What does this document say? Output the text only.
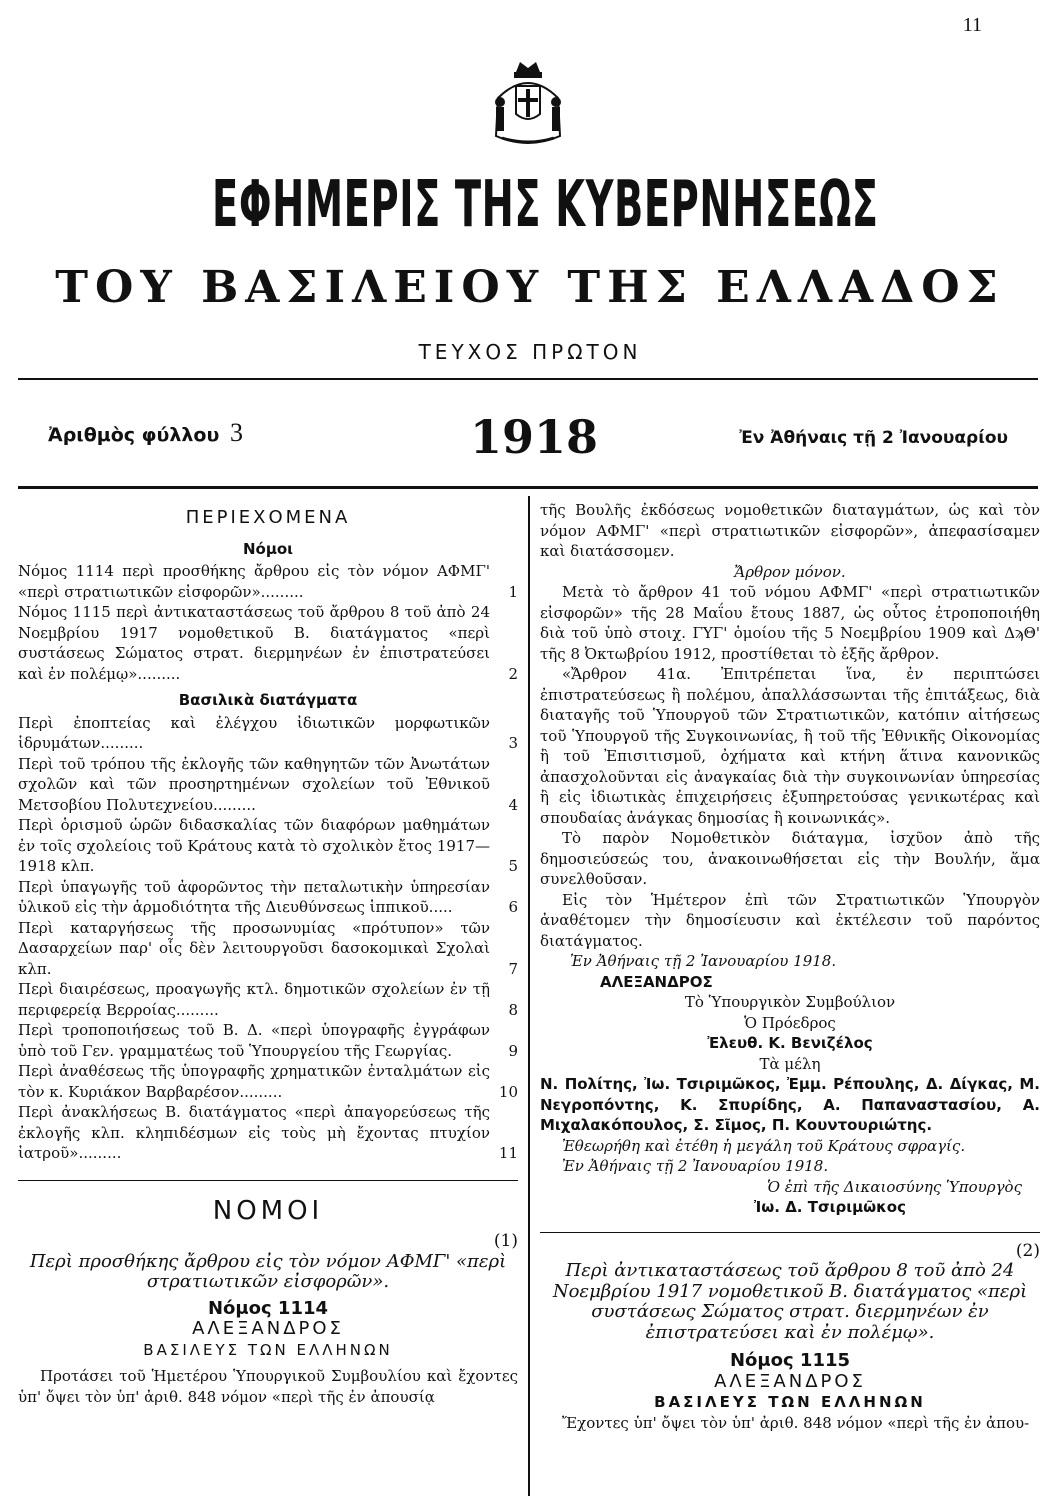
11
ΕΦΗΜΕΡΙΣ ΤΗΣ ΚΥΒΕΡΝΗΣΕΩΣ
ΤΟΥ ΒΑΣΙΛΕΙΟΥ ΤΗΣ ΕΛΛΑΔΟΣ
ΤΕΥΧΟΣ ΠΡΩΤΟΝ
Ἀριθμὸς φύλλου 3	1918	Ἐν Ἀθήναις τῇ 2 Ἰανουαρίου
ΠΕΡΙΕΧΟΜΕΝΑ
Νόμοι
Νόμος 1114 περὶ προσθήκης ἄρθρου εἰς τὸν νόμον ΑΦΜΓ' «περὶ στρατιωτικῶν εἰσφορῶν».........	1
Νόμος 1115 περὶ ἀντικαταστάσεως τοῦ ἄρθρου 8 τοῦ ἀπὸ 24 Νοεμβρίου 1917 νομοθετικοῦ Β. διατάγματος «περὶ συστάσεως Σώματος στρατ. διερμηνέων ἐν ἐπιστρατεύσει καὶ ἐν πολέμῳ».........	2
Βασιλικὰ διατάγματα
Περὶ ἐποπτείας καὶ ἐλέγχου ἰδιωτικῶν μορφωτικῶν ἱδρυμάτων.........	3
Περὶ τοῦ τρόπου τῆς ἐκλογῆς τῶν καθηγητῶν τῶν Ἀνωτάτων σχολῶν καὶ τῶν προσηρτημένων σχολείων τοῦ Ἐθνικοῦ Μετσοβίου Πολυτεχνείου.........	4
Περὶ ὁρισμοῦ ὡρῶν διδασκαλίας τῶν διαφόρων μαθημάτων ἐν τοῖς σχολείοις τοῦ Κράτους κατὰ τὸ σχολικὸν ἔτος 1917—1918 κλπ.	5
Περὶ ὑπαγωγῆς τοῦ ἀφορῶντος τὴν πεταλωτικὴν ὑπηρεσίαν ὑλικοῦ εἰς τὴν ἁρμοδιότητα τῆς Διευθύνσεως ἱππικοῦ.....	6
Περὶ καταργήσεως τῆς προσωνυμίας «πρότυπον» τῶν Δασαρχείων παρ' οἷς δὲν λειτουργοῦσι δασοκομικαὶ Σχολαὶ κλπ.	7
Περὶ διαιρέσεως, προαγωγῆς κτλ. δημοτικῶν σχολείων ἐν τῇ περιφερείᾳ Βερροίας.........	8
Περὶ τροποποιήσεως τοῦ Β. Δ. «περὶ ὑπογραφῆς ἐγγράφων ὑπὸ τοῦ Γεν. γραμματέως τοῦ Ὑπουργείου τῆς Γεωργίας.	9
Περὶ ἀναθέσεως τῆς ὑπογραφῆς χρηματικῶν ἐνταλμάτων εἰς τὸν κ. Κυριάκον Βαρβαρέσον.........	10
Περὶ ἀνακλήσεως Β. διατάγματος «περὶ ἀπαγορεύσεως τῆς ἐκλογῆς κλπ. κληπιδέσμων εἰς τοὺς μὴ ἔχοντας πτυχίον ἰατροῦ».........	11
ΝΟΜΟΙ
(1)
Περὶ προσθήκης ἄρθρου εἰς τὸν νόμον ΑΦΜΓ' «περὶ στρατιωτικῶν εἰσφορῶν».
Νόμος 1114
ΑΛΕΞΑΝΔΡΟΣ
ΒΑΣΙΛΕΥΣ ΤΩΝ ΕΛΛΗΝΩΝ
Προτάσει τοῦ Ἡμετέρου Ὑπουργικοῦ Συμβουλίου καὶ ἔχοντες ὑπ' ὄψει τὸν ὑπ' ἀριθ. 848 νόμον «περὶ τῆς ἐν ἀπουσίᾳ
τῆς Βουλῆς ἐκδόσεως νομοθετικῶν διαταγμάτων, ὡς καὶ τὸν νόμον ΑΦΜΓ' «περὶ στρατιωτικῶν εἰσφορῶν», ἀπεφασίσαμεν καὶ διατάσσομεν.
Ἄρθρον μόνον.
Μετὰ τὸ ἄρθρον 41 τοῦ νόμου ΑΦΜΓ' «περὶ στρατιωτικῶν εἰσφορῶν» τῆς 28 Μαΐου ἔτους 1887, ὡς οὗτος ἐτροποποιήθη διὰ τοῦ ὑπὸ στοιχ. ΓΥΓ' ὁμοίου τῆς 5 Νοεμβρίου 1909 καὶ ΔϡΘ' τῆς 8 Ὀκτωβρίου 1912, προστίθεται τὸ ἑξῆς ἄρθρον.
«Ἄρθρον 41α. Ἐπιτρέπεται ἵνα, ἐν περιπτώσει ἐπιστρατεύσεως ἢ πολέμου, ἀπαλλάσσωνται τῆς ἐπιτάξεως, διὰ διαταγῆς τοῦ Ὑπουργοῦ τῶν Στρατιωτικῶν, κατόπιν αἰτήσεως τοῦ Ὑπουργοῦ τῆς Συγκοινωνίας, ἢ τοῦ τῆς Ἐθνικῆς Οἰκονομίας ἢ τοῦ Ἐπισιτισμοῦ, ὀχήματα καὶ κτήνη ἅτινα κανονικῶς ἀπασχολοῦνται εἰς ἀναγκαίας διὰ τὴν συγκοινωνίαν ὑπηρεσίας ἢ εἰς ἰδιωτικὰς ἐπιχειρήσεις ἐξυπηρετούσας γενικωτέρας καὶ σπουδαίας ἀνάγκας δημοσίας ἢ κοινωνικάς».
Τὸ παρὸν Νομοθετικὸν διάταγμα, ἰσχῦον ἀπὸ τῆς δημοσιεύσεώς του, ἀνακοινωθήσεται εἰς τὴν Βουλήν, ἅμα συνελθοῦσαν.
Εἰς τὸν Ἡμέτερον ἐπὶ τῶν Στρατιωτικῶν Ὑπουργὸν ἀναθέτομεν τὴν δημοσίευσιν καὶ ἐκτέλεσιν τοῦ παρόντος διατάγματος.
Ἐν Ἀθήναις τῇ 2 Ἰανουαρίου 1918.
ΑΛΕΞΑΝΔΡΟΣ
Τὸ Ὑπουργικὸν Συμβούλιον
Ὁ Πρόεδρος
Ἐλευθ. Κ. Βενιζέλος
Τὰ μέλη
Ν. Πολίτης, Ἰω. Τσιριμῶκος, Ἐμμ. Ρέπουλης, Δ. Δίγκας, Μ. Νεγροπόντης, Κ. Σπυρίδης, Α. Παπαναστασίου, Α. Μιχαλακόπουλος, Σ. Σῖμος, Π. Κουντουριώτης.
Ἐθεωρήθη καὶ ἐτέθη ἡ μεγάλη τοῦ Κράτους σφραγίς.
Ἐν Ἀθήναις τῇ 2 Ἰανουαρίου 1918.
Ὁ ἐπὶ τῆς Δικαιοσύνης Ὑπουργὸς
Ἰω. Δ. Τσιριμῶκος
(2)
Περὶ ἀντικαταστάσεως τοῦ ἄρθρου 8 τοῦ ἀπὸ 24 Νοεμβρίου 1917 νομοθετικοῦ Β. διατάγματος «περὶ συστάσεως Σώματος στρατ. διερμηνέων ἐν ἐπιστρατεύσει καὶ ἐν πολέμῳ».
Νόμος 1115
ΑΛΕΞΑΝΔΡΟΣ
ΒΑΣΙΛΕΥΣ ΤΩΝ ΕΛΛΗΝΩΝ
Ἔχοντες ὑπ' ὄψει τὸν ὑπ' ἀριθ. 848 νόμον «περὶ τῆς ἐν ἀπου-
